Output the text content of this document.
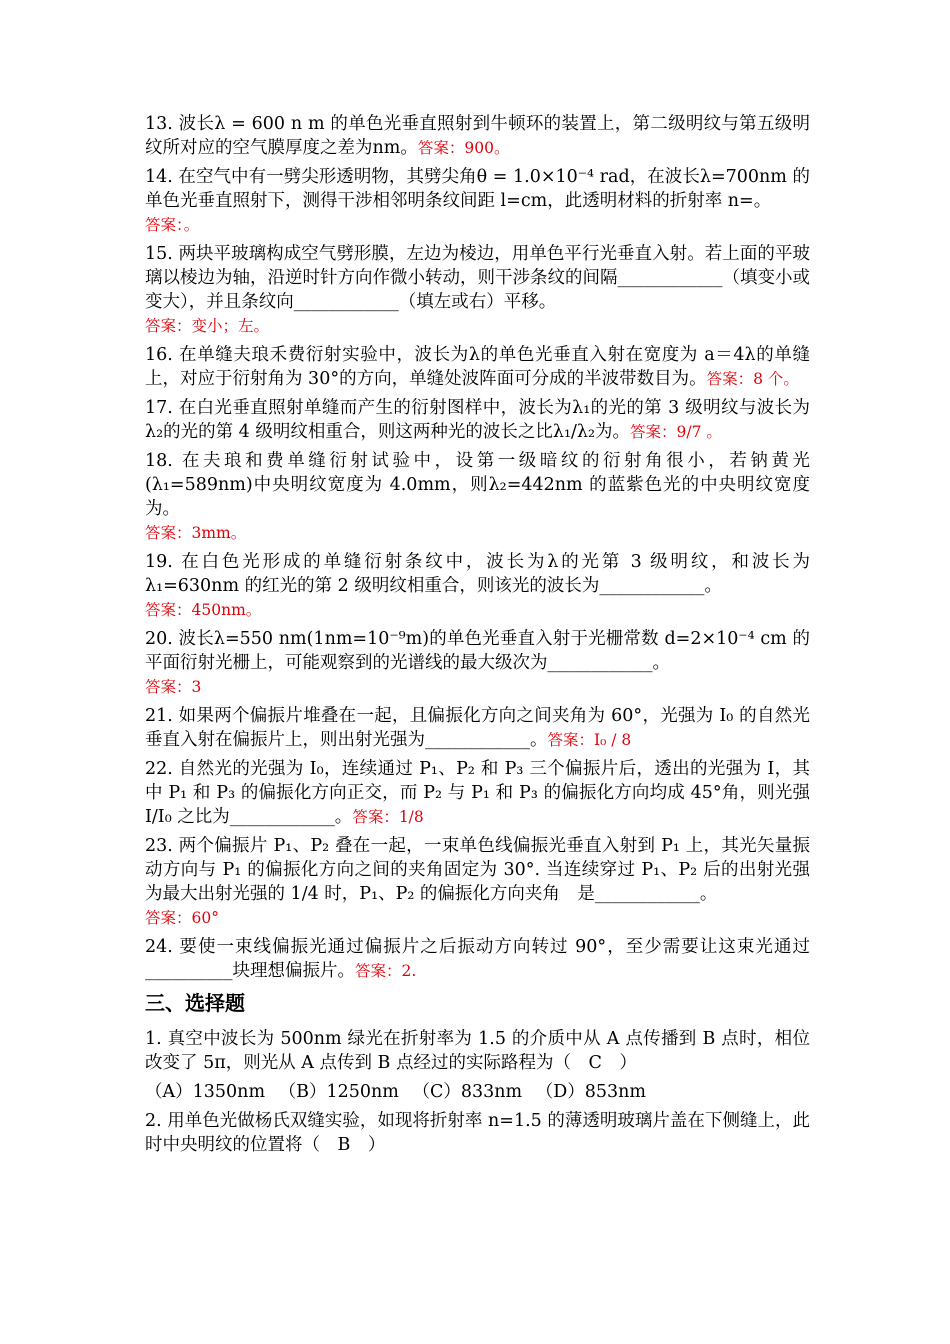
13. 波长λ = 600 n m 的单色光垂直照射到牛顿环的装置上，第二级明纹与第五级明纹所对应的空气膜厚度之差为nm。答案：900。

14. 在空气中有一劈尖形透明物，其劈尖角θ = 1.0×10⁻⁴ rad，在波长λ=700nm 的单色光垂直照射下，测得干涉相邻明条纹间距 l=cm，此透明材料的折射率 n=。
答案：。

15. 两块平玻璃构成空气劈形膜，左边为棱边，用单色平行光垂直入射。若上面的平玻璃以棱边为轴，沿逆时针方向作微小转动，则干涉条纹的间隔____________（填变小或变大），并且条纹向____________（填左或右）平移。
答案：变小；左。

16. 在单缝夫琅禾费衍射实验中，波长为λ的单色光垂直入射在宽度为 a＝4λ的单缝上，对应于衍射角为 30°的方向，单缝处波阵面可分成的半波带数目为。答案：8 个。

17. 在白光垂直照射单缝而产生的衍射图样中，波长为λ₁的光的第 3 级明纹与波长为λ₂的光的第 4 级明纹相重合，则这两种光的波长之比λ₁/λ₂为。答案：9/7 。

18. 在夫琅和费单缝衍射试验中，设第一级暗纹的衍射角很小，若钠黄光(λ₁=589nm)中央明纹宽度为 4.0mm，则λ₂=442nm 的蓝紫色光的中央明纹宽度为。
答案：3mm。

19. 在白色光形成的单缝衍射条纹中，波长为λ的光第 3 级明纹，和波长为λ₁=630nm 的红光的第 2 级明纹相重合，则该光的波长为____________。
答案：450nm。

20. 波长λ=550 nm(1nm=10⁻⁹m)的单色光垂直入射于光栅常数 d=2×10⁻⁴ cm 的平面衍射光栅上，可能观察到的光谱线的最大级次为____________。
答案：3

21. 如果两个偏振片堆叠在一起，且偏振化方向之间夹角为 60°，光强为 I₀ 的自然光垂直入射在偏振片上，则出射光强为____________。答案：I₀ / 8

22. 自然光的光强为 I₀，连续通过 P₁、P₂ 和 P₃ 三个偏振片后，透出的光强为 I，其中 P₁ 和 P₃ 的偏振化方向正交，而 P₂ 与 P₁ 和 P₃ 的偏振化方向均成 45°角，则光强 I/I₀ 之比为____________。答案：1/8

23. 两个偏振片 P₁、P₂ 叠在一起，一束单色线偏振光垂直入射到 P₁ 上，其光矢量振动方向与 P₁ 的偏振化方向之间的夹角固定为 30°. 当连续穿过 P₁、P₂ 后的出射光强为最大出射光强的 1/4 时，P₁、P₂ 的偏振化方向夹角　是____________。
答案：60°

24. 要使一束线偏振光通过偏振片之后振动方向转过 90°，至少需要让这束光通过__________块理想偏振片。答案：2.

三、选择题

1. 真空中波长为 500nm 绿光在折射率为 1.5 的介质中从 A 点传播到 B 点时，相位改变了 5π，则光从 A 点传到 B 点经过的实际路程为（　C　）

（A）1350nm （B）1250nm （C）833nm （D）853nm

2. 用单色光做杨氏双缝实验，如现将折射率 n=1.5 的薄透明玻璃片盖在下侧缝上，此时中央明纹的位置将（　B　）
